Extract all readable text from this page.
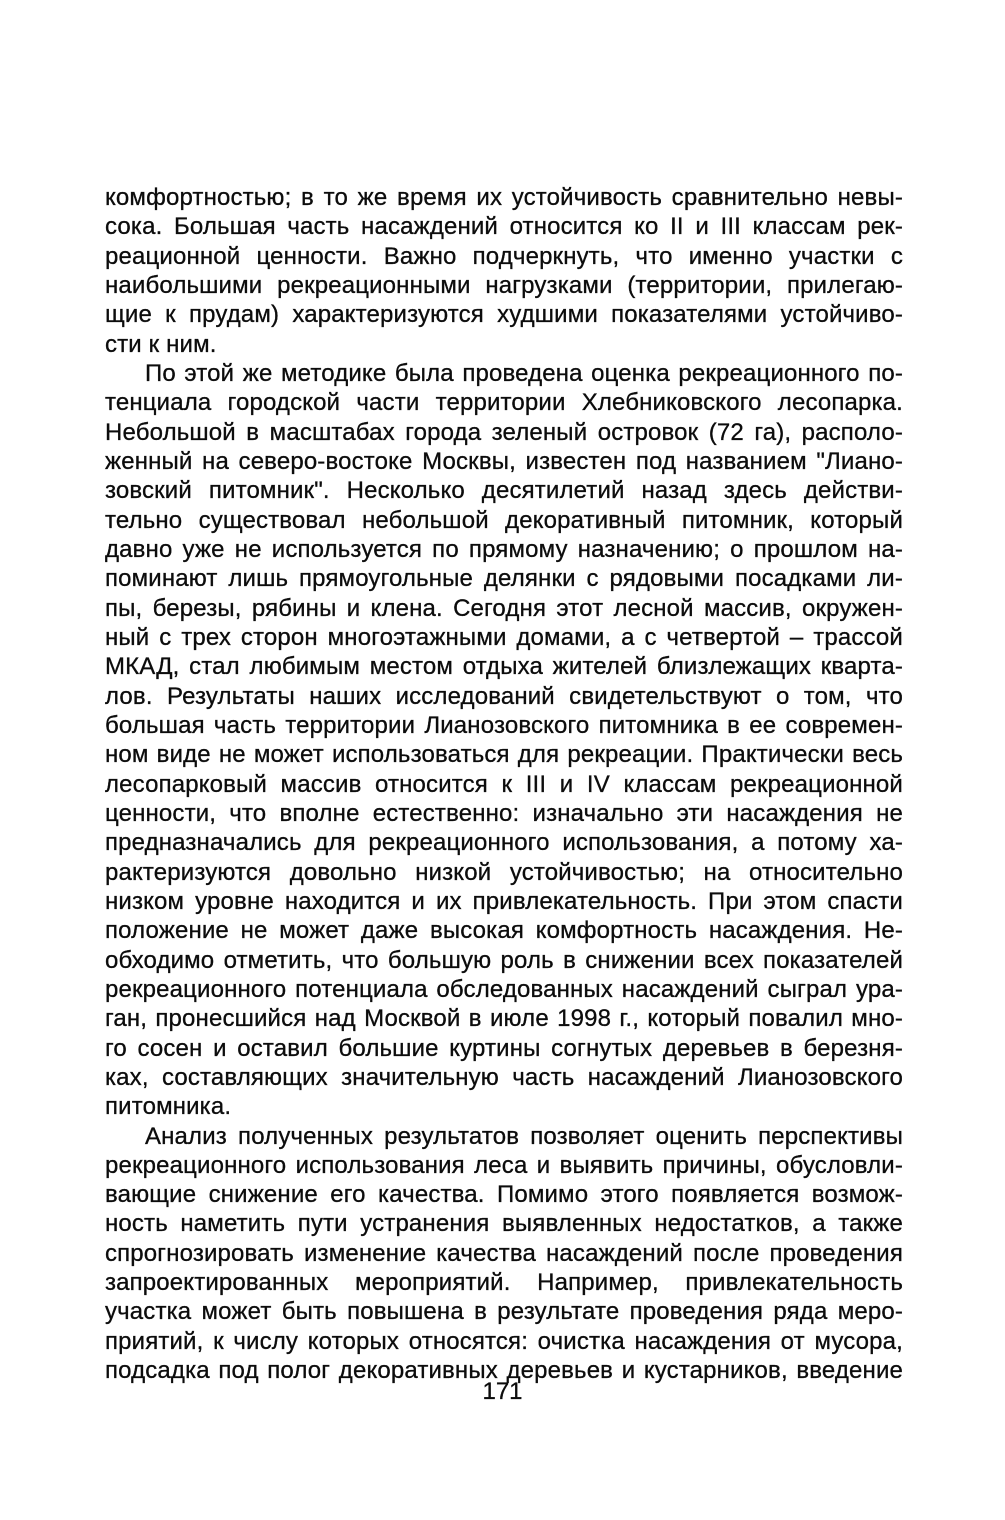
комфортностью; в то же время их устойчивость сравнительно невы-
сока. Большая часть насаждений относится ко II и III классам рек-
реационной ценности. Важно подчеркнуть, что именно участки с
наибольшими рекреационными нагрузками (территории, прилегаю-
щие к прудам) характеризуются худшими показателями устойчиво-
сти к ним.
По этой же методике была проведена оценка рекреационного по-
тенциала городской части территории Хлебниковского лесопарка.
Небольшой в масштабах города зеленый островок (72 га), располо-
женный на северо-востоке Москвы, известен под названием "Лиано-
зовский питомник". Несколько десятилетий назад здесь действи-
тельно существовал небольшой декоративный питомник, который
давно уже не используется по прямому назначению; о прошлом на-
поминают лишь прямоугольные делянки с рядовыми посадками ли-
пы, березы, рябины и клена. Сегодня этот лесной массив, окружен-
ный с трех сторон многоэтажными домами, а с четвертой – трассой
МКАД, стал любимым местом отдыха жителей близлежащих кварта-
лов. Результаты наших исследований свидетельствуют о том, что
большая часть территории Лианозовского питомника в ее современ-
ном виде не может использоваться для рекреации. Практически весь
лесопарковый массив относится к III и IV классам рекреационной
ценности, что вполне естественно: изначально эти насаждения не
предназначались для рекреационного использования, а потому ха-
рактеризуются довольно низкой устойчивостью; на относительно
низком уровне находится и их привлекательность. При этом спасти
положение не может даже высокая комфортность насаждения. Не-
обходимо отметить, что большую роль в снижении всех показателей
рекреационного потенциала обследованных насаждений сыграл ура-
ган, пронесшийся над Москвой в июле 1998 г., который повалил мно-
го сосен и оставил большие куртины согнутых деревьев в березня-
ках, составляющих значительную часть насаждений Лианозовского
питомника.
Анализ полученных результатов позволяет оценить перспективы
рекреационного использования леса и выявить причины, обусловли-
вающие снижение его качества. Помимо этого появляется возмож-
ность наметить пути устранения выявленных недостатков, а также
спрогнозировать изменение качества насаждений после проведения
запроектированных мероприятий. Например, привлекательность
участка может быть повышена в результате проведения ряда меро-
приятий, к числу которых относятся: очистка насаждения от мусора,
подсадка под полог декоративных деревьев и кустарников, введение
171
